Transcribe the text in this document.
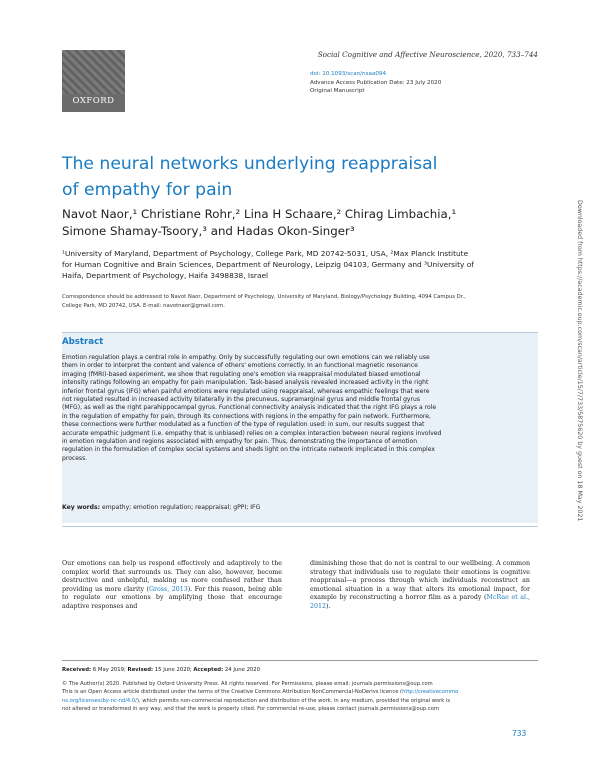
OXFORD
Social Cognitive and Affective Neuroscience, 2020, 733–744
doi: 10.1093/scan/nsaa094
Advance Access Publication Date: 23 July 2020
Original Manuscript
The neural networks underlying reappraisal
of empathy for pain
Navot Naor,¹ Christiane Rohr,² Lina H Schaare,² Chirag Limbachia,¹
Simone Shamay-Tsoory,³ and Hadas Okon-Singer³
¹University of Maryland, Department of Psychology, College Park, MD 20742-5031, USA, ²Max Planck Institute
for Human Cognitive and Brain Sciences, Department of Neurology, Leipzig 04103, Germany and ³University of
Haifa, Department of Psychology, Haifa 3498838, Israel
Correspondence should be addressed to Navot Naor, Department of Psychology, University of Maryland, Biology/Psychology Building, 4094 Campus Dr.,
College Park, MD 20742, USA. E-mail: navotnaor@gmail.com.
Abstract
Emotion regulation plays a central role in empathy. Only by successfully regulating our own emotions can we reliably use
them in order to interpret the content and valence of others' emotions correctly. In an functional magnetic resonance
imaging (fMRI)-based experiment, we show that regulating one's emotion via reappraisal modulated biased emotional
intensity ratings following an empathy for pain manipulation. Task-based analysis revealed increased activity in the right
inferior frontal gyrus (IFG) when painful emotions were regulated using reappraisal, whereas empathic feelings that were
not regulated resulted in increased activity bilaterally in the precuneus, supramarginal gyrus and middle frontal gyrus
(MFG), as well as the right parahippocampal gyrus. Functional connectivity analysis indicated that the right IFG plays a role
in the regulation of empathy for pain, through its connections with regions in the empathy for pain network. Furthermore,
these connections were further modulated as a function of the type of regulation used: in sum, our results suggest that
accurate empathic judgment (i.e. empathy that is unbiased) relies on a complex interaction between neural regions involved
in emotion regulation and regions associated with empathy for pain. Thus, demonstrating the importance of emotion
regulation in the formulation of complex social systems and sheds light on the intricate network implicated in this complex
process.
Key words: empathy; emotion regulation; reappraisal; gPPI; IFG
Our emotions can help us respond effectively and adaptively to the complex world that surrounds us. They can also, however, become destructive and unhelpful, making us more confused rather than providing us more clarity (Gross, 2013). For this reason, being able to regulate our emotions by amplifying those that encourage adaptive responses and
diminishing those that do not is central to our wellbeing. A common strategy that individuals use to regulate their emotions is cognitive reappraisal—a process through which individuals reconstruct an emotional situation in a way that alters its emotional impact, for example by reconstructing a horror film as a parody (McRae et al., 2012).
Received: 6 May 2019; Revised: 15 June 2020; Accepted: 24 June 2020
© The Author(s) 2020. Published by Oxford University Press. All rights reserved. For Permissions, please email: journals.permissions@oup.com
This is an Open Access article distributed under the terms of the Creative Commons Attribution NonCommercial-NoDerivs licence (http://creativecommo
ns.org/licenses/by-nc-nd/4.0/), which permits non-commercial reproduction and distribution of the work, in any medium, provided the original work is
not altered or transformed in any way, and that the work is properly cited. For commercial re-use, please contact journals.permissions@oup.com
733
Downloaded from https://academic.oup.com/scan/article/15/7/733/5875620 by guest on 18 May 2021
